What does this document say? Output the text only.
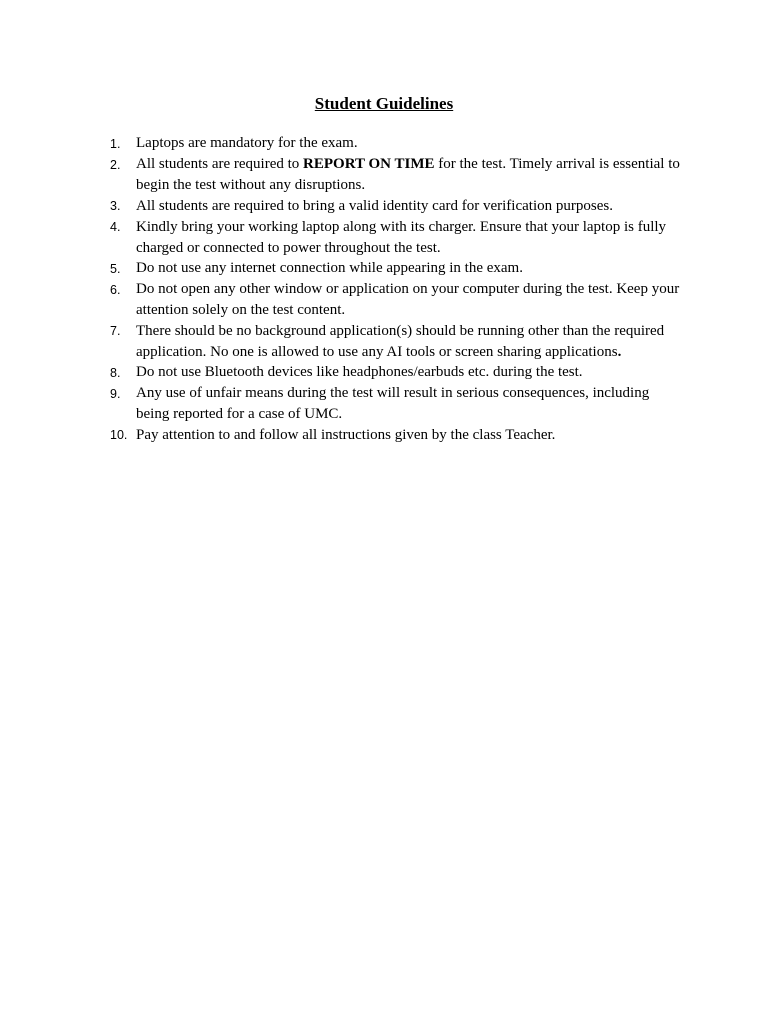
Student Guidelines
1.	Laptops are mandatory for the exam.
2.	All students are required to REPORT ON TIME for the test. Timely arrival is essential to begin the test without any disruptions.
3.	All students are required to bring a valid identity card for verification purposes.
4.	Kindly bring your working laptop along with its charger. Ensure that your laptop is fully charged or connected to power throughout the test.
5.	Do not use any internet connection while appearing in the exam.
6.	Do not open any other window or application on your computer during the test. Keep your attention solely on the test content.
7.	There should be no background application(s) should be running other than the required application. No one is allowed to use any AI tools or screen sharing applications.
8.	Do not use Bluetooth devices like headphones/earbuds etc. during the test.
9.	Any use of unfair means during the test will result in serious consequences, including being reported for a case of UMC.
10. Pay attention to and follow all instructions given by the class Teacher.
